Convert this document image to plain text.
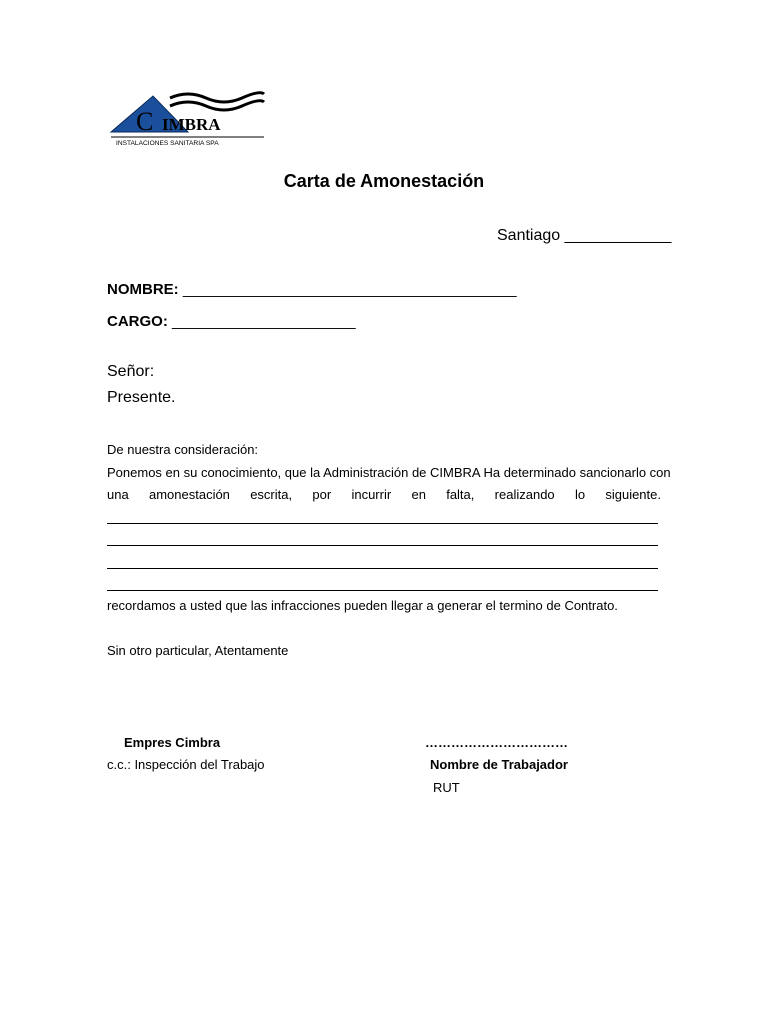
C IMBRA
INSTALACIONES SANITARIA SPA
Carta de Amonestación
Santiago ____________
NOMBRE: ________________________________________
CARGO: ______________________
Señor:
Presente.
De nuestra consideración:
Ponemos en su conocimiento, que la Administración de CIMBRA Ha determinado sancionarlo con
una amonestación escrita, por incurrir en falta, realizando lo siguiente.
recordamos a usted que las infracciones pueden llegar a generar el termino de Contrato.
Sin otro particular, Atentamente
Empres Cimbra	……………………………
c.c.: Inspección del Trabajo	Nombre de Trabajador
RUT
